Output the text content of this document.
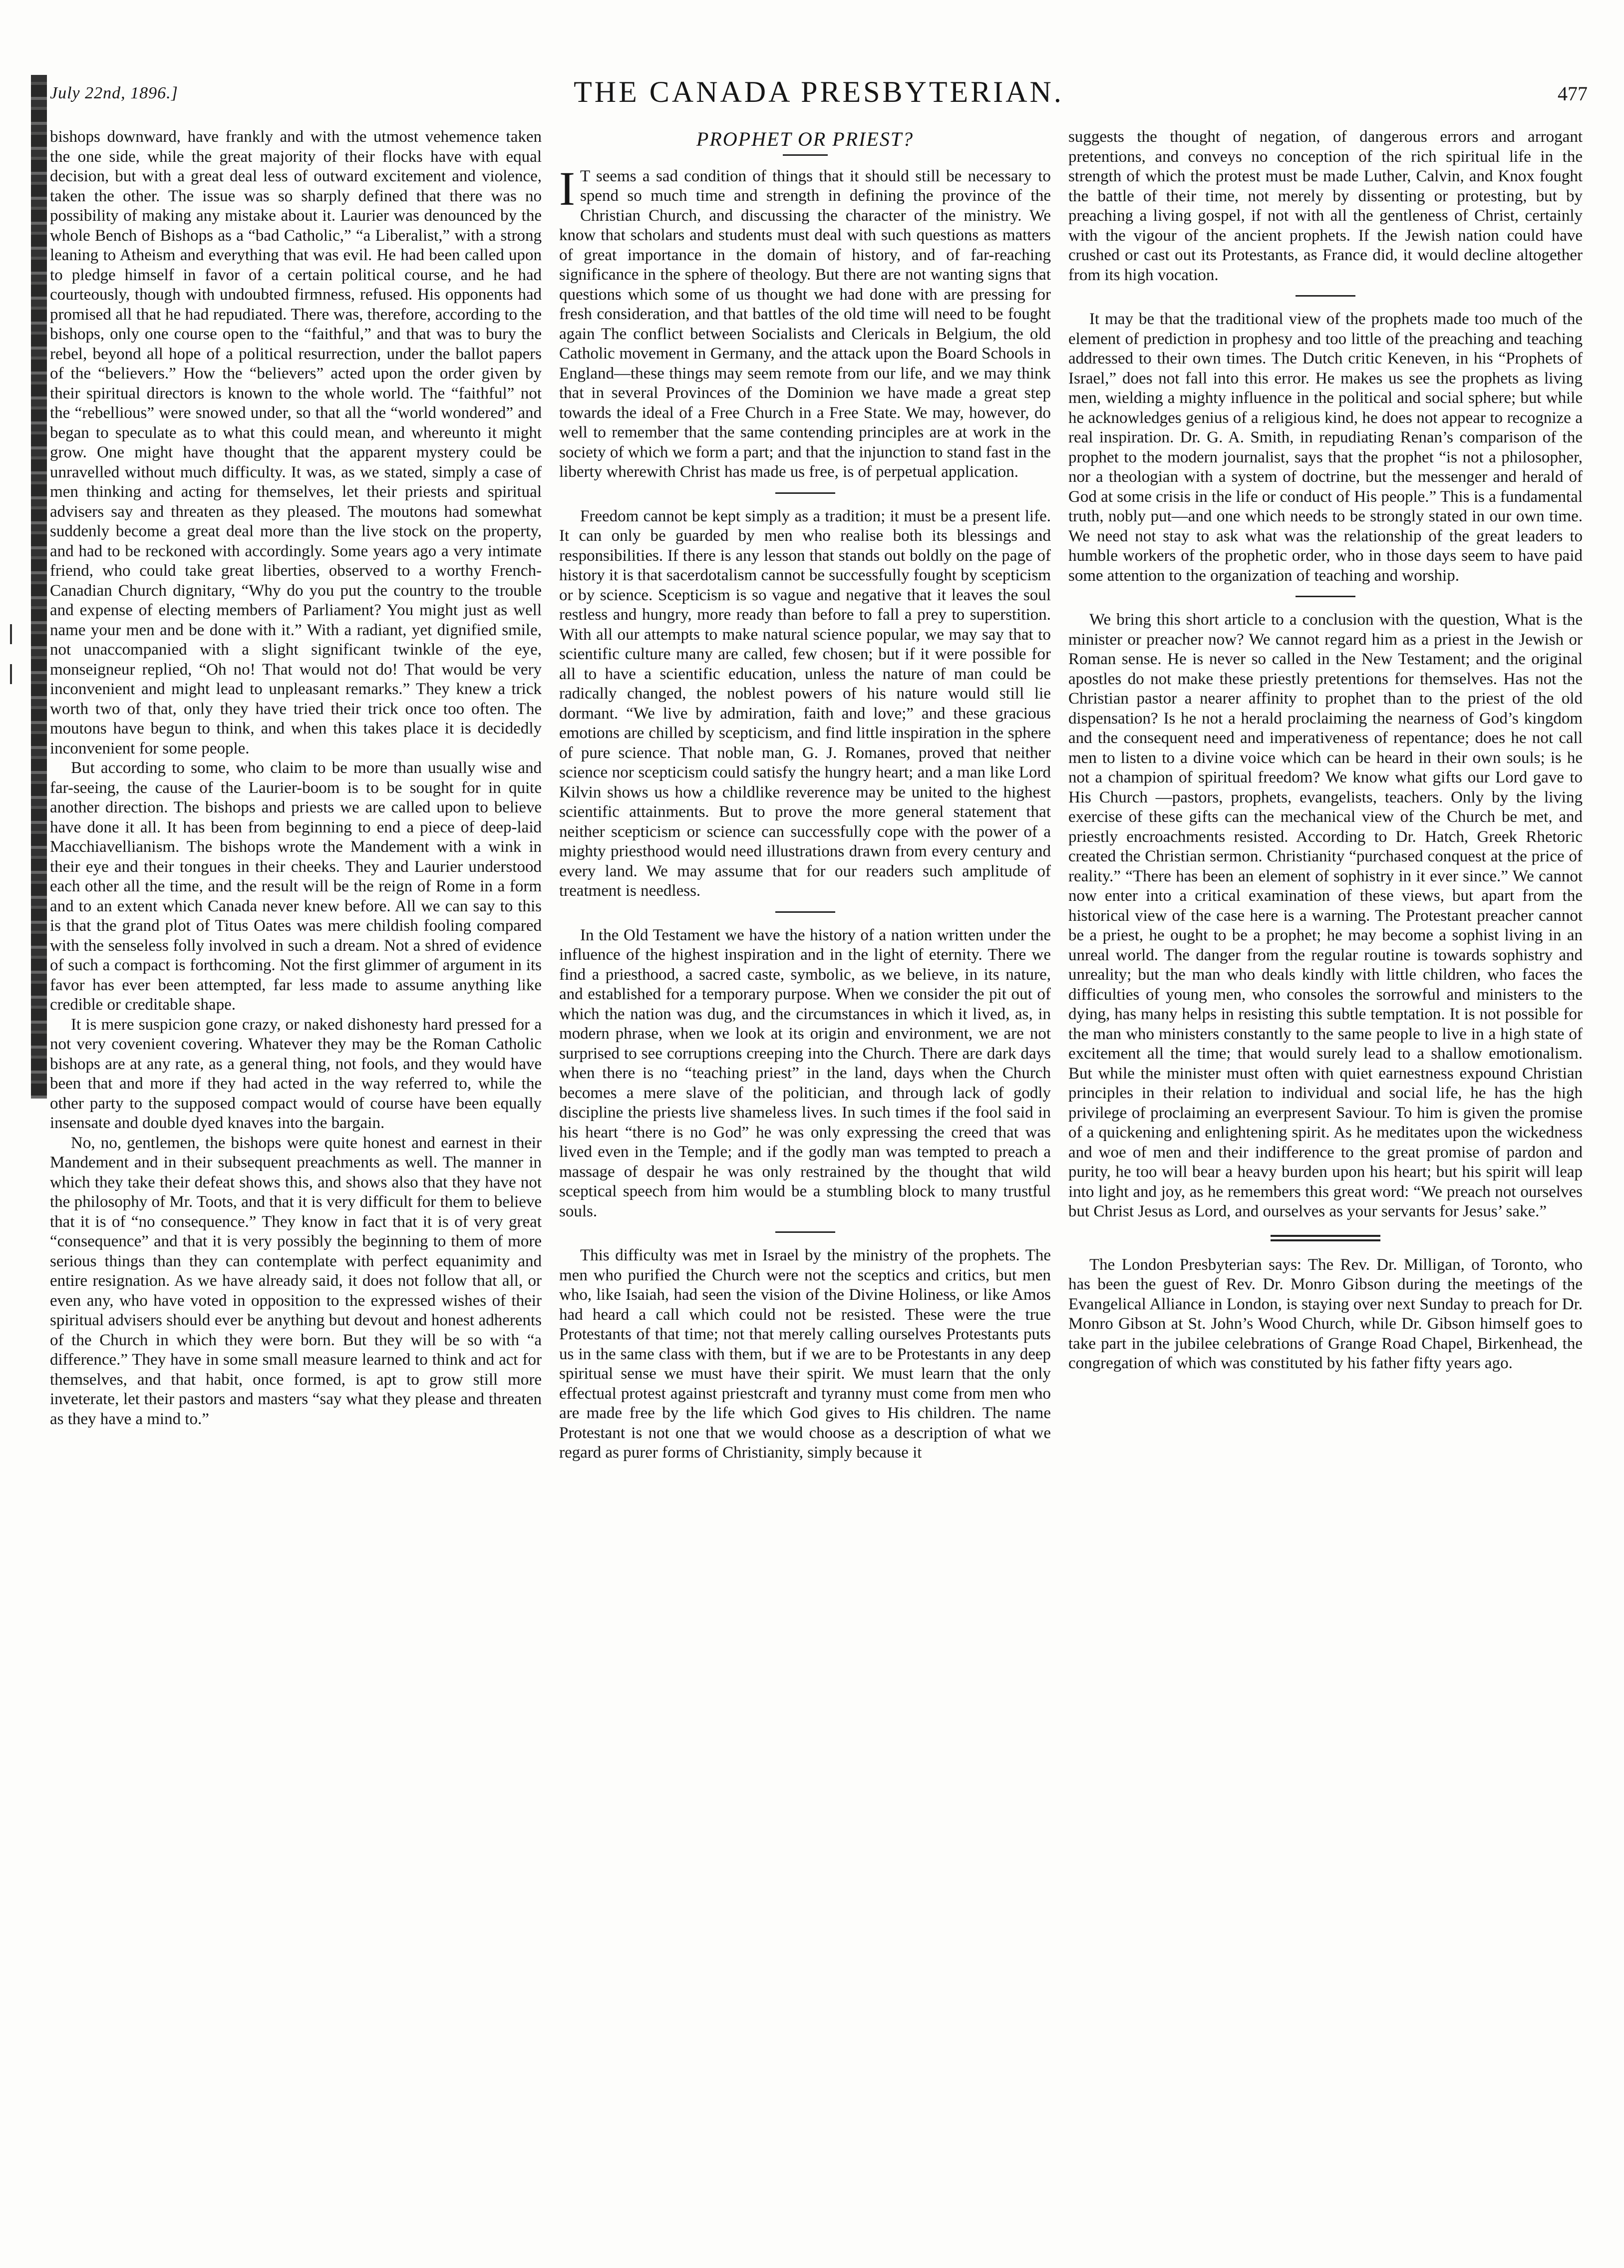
July 22nd, 1896.]	THE CANADA PRESBYTERIAN.	477

bishops downward, have frankly and with the utmost vehemence taken the one side, while the great majority of their flocks have with equal decision, but with a great deal less of outward excitement and violence, taken the other. The issue was so sharply defined that there was no possibility of making any mistake about it. Laurier was denounced by the whole Bench of Bishops as a “bad Catholic,” “a Liberalist,” with a strong leaning to Atheism and everything that was evil. He had been called upon to pledge himself in favor of a certain political course, and he had courteously, though with undoubted firmness, refused. His opponents had promised all that he had repudiated. There was, therefore, according to the bishops, only one course open to the “faithful,” and that was to bury the rebel, beyond all hope of a political resurrection, under the ballot papers of the “believers.” How the “believers” acted upon the order given by their spiritual directors is known to the whole world. The “faithful” not the “rebellious” were snowed under, so that all the “world wondered” and began to speculate as to what this could mean, and whereunto it might grow. One might have thought that the apparent mystery could be unravelled without much difficulty. It was, as we stated, simply a case of men thinking and acting for themselves, let their priests and spiritual advisers say and threaten as they pleased. The moutons had somewhat suddenly become a great deal more than the live stock on the property, and had to be reckoned with accordingly. Some years ago a very intimate friend, who could take great liberties, observed to a worthy French-Canadian Church dignitary, “Why do you put the country to the trouble and expense of electing members of Parliament? You might just as well name your men and be done with it.” With a radiant, yet dignified smile, not unaccompanied with a slight significant twinkle of the eye, monseigneur replied, “Oh no! That would not do! That would be very inconvenient and might lead to unpleasant remarks.” They knew a trick worth two of that, only they have tried their trick once too often. The moutons have begun to think, and when this takes place it is decidedly inconvenient for some people.

But according to some, who claim to be more than usually wise and far-seeing, the cause of the Laurier-boom is to be sought for in quite another direction. The bishops and priests we are called upon to believe have done it all. It has been from beginning to end a piece of deep-laid Macchiavellianism. The bishops wrote the Mandement with a wink in their eye and their tongues in their cheeks. They and Laurier understood each other all the time, and the result will be the reign of Rome in a form and to an extent which Canada never knew before. All we can say to this is that the grand plot of Titus Oates was mere childish fooling compared with the senseless folly involved in such a dream. Not a shred of evidence of such a compact is forthcoming. Not the first glimmer of argument in its favor has ever been attempted, far less made to assume anything like credible or creditable shape.

It is mere suspicion gone crazy, or naked dishonesty hard pressed for a not very covenient covering. Whatever they may be the Roman Catholic bishops are at any rate, as a general thing, not fools, and they would have been that and more if they had acted in the way referred to, while the other party to the supposed compact would of course have been equally insensate and double dyed knaves into the bargain.

No, no, gentlemen, the bishops were quite honest and earnest in their Mandement and in their subsequent preachments as well. The manner in which they take their defeat shows this, and shows also that they have not the philosophy of Mr. Toots, and that it is very difficult for them to believe that it is of “no consequence.” They know in fact that it is of very great “consequence” and that it is very possibly the beginning to them of more serious things than they can contemplate with perfect equanimity and entire resignation. As we have already said, it does not follow that all, or even any, who have voted in opposition to the expressed wishes of their spiritual advisers should ever be anything but devout and honest adherents of the Church in which they were born. But they will be so with “a difference.” They have in some small measure learned to think and act for themselves, and that habit, once formed, is apt to grow still more inveterate, let their pastors and masters “say what they please and threaten as they have a mind to.”

PROPHET OR PRIEST?

I T seems a sad condition of things that it should still be necessary to spend so much time and strength in defining the province of the Christian Church, and discussing the character of the ministry. We know that scholars and students must deal with such questions as matters of great importance in the domain of history, and of far-reaching significance in the sphere of theology. But there are not wanting signs that questions which some of us thought we had done with are pressing for fresh consideration, and that battles of the old time will need to be fought again The conflict between Socialists and Clericals in Belgium, the old Catholic movement in Germany, and the attack upon the Board Schools in England—these things may seem remote from our life, and we may think that in several Provinces of the Dominion we have made a great step towards the ideal of a Free Church in a Free State. We may, however, do well to remember that the same contending principles are at work in the society of which we form a part; and that the injunction to stand fast in the liberty wherewith Christ has made us free, is of perpetual application.

Freedom cannot be kept simply as a tradition; it must be a present life. It can only be guarded by men who realise both its blessings and responsibilities. If there is any lesson that stands out boldly on the page of history it is that sacerdotalism cannot be successfully fought by scepticism or by science. Scepticism is so vague and negative that it leaves the soul restless and hungry, more ready than before to fall a prey to superstition. With all our attempts to make natural science popular, we may say that to scientific culture many are called, few chosen; but if it were possible for all to have a scientific education, unless the nature of man could be radically changed, the noblest powers of his nature would still lie dormant. “We live by admiration, faith and love;” and these gracious emotions are chilled by scepticism, and find little inspiration in the sphere of pure science. That noble man, G. J. Romanes, proved that neither science nor scepticism could satisfy the hungry heart; and a man like Lord Kilvin shows us how a childlike reverence may be united to the highest scientific attainments. But to prove the more general statement that neither scepticism or science can successfully cope with the power of a mighty priesthood would need illustrations drawn from every century and every land. We may assume that for our readers such amplitude of treatment is needless.

In the Old Testament we have the history of a nation written under the influence of the highest inspiration and in the light of eternity. There we find a priesthood, a sacred caste, symbolic, as we believe, in its nature, and established for a temporary purpose. When we consider the pit out of which the nation was dug, and the circumstances in which it lived, as, in modern phrase, when we look at its origin and environment, we are not surprised to see corruptions creeping into the Church. There are dark days when there is no “teaching priest” in the land, days when the Church becomes a mere slave of the politician, and through lack of godly discipline the priests live shameless lives. In such times if the fool said in his heart “there is no God” he was only expressing the creed that was lived even in the Temple; and if the godly man was tempted to preach a massage of despair he was only restrained by the thought that wild sceptical speech from him would be a stumbling block to many trustful souls.

This difficulty was met in Israel by the ministry of the prophets. The men who purified the Church were not the sceptics and critics, but men who, like Isaiah, had seen the vision of the Divine Holiness, or like Amos had heard a call which could not be resisted. These were the true Protestants of that time; not that merely calling ourselves Protestants puts us in the same class with them, but if we are to be Protestants in any deep spiritual sense we must have their spirit. We must learn that the only effectual protest against priestcraft and tyranny must come from men who are made free by the life which God gives to His children. The name Protestant is not one that we would choose as a description of what we regard as purer forms of Christianity, simply because it

suggests the thought of negation, of dangerous errors and arrogant pretentions, and conveys no conception of the rich spiritual life in the strength of which the protest must be made Luther, Calvin, and Knox fought the battle of their time, not merely by dissenting or protesting, but by preaching a living gospel, if not with all the gentleness of Christ, certainly with the vigour of the ancient prophets. If the Jewish nation could have crushed or cast out its Protestants, as France did, it would decline altogether from its high vocation.

It may be that the traditional view of the prophets made too much of the element of prediction in prophesy and too little of the preaching and teaching addressed to their own times. The Dutch critic Keneven, in his “Prophets of Israel,” does not fall into this error. He makes us see the prophets as living men, wielding a mighty influence in the political and social sphere; but while he acknowledges genius of a religious kind, he does not appear to recognize a real inspiration. Dr. G. A. Smith, in repudiating Renan’s comparison of the prophet to the modern journalist, says that the prophet “is not a philosopher, nor a theologian with a system of doctrine, but the messenger and herald of God at some crisis in the life or conduct of His people.” This is a fundamental truth, nobly put—and one which needs to be strongly stated in our own time. We need not stay to ask what was the relationship of the great leaders to humble workers of the prophetic order, who in those days seem to have paid some attention to the organization of teaching and worship.

We bring this short article to a conclusion with the question, What is the minister or preacher now? We cannot regard him as a priest in the Jewish or Roman sense. He is never so called in the New Testament; and the original apostles do not make these priestly pretentions for themselves. Has not the Christian pastor a nearer affinity to prophet than to the priest of the old dispensation? Is he not a herald proclaiming the nearness of God’s kingdom and the consequent need and imperativeness of repentance; does he not call men to listen to a divine voice which can be heard in their own souls; is he not a champion of spiritual freedom? We know what gifts our Lord gave to His Church —pastors, prophets, evangelists, teachers. Only by the living exercise of these gifts can the mechanical view of the Church be met, and priestly encroachments resisted. According to Dr. Hatch, Greek Rhetoric created the Christian sermon. Christianity “purchased conquest at the price of reality.” “There has been an element of sophistry in it ever since.” We cannot now enter into a critical examination of these views, but apart from the historical view of the case here is a warning. The Protestant preacher cannot be a priest, he ought to be a prophet; he may become a sophist living in an unreal world. The danger from the regular routine is towards sophistry and unreality; but the man who deals kindly with little children, who faces the difficulties of young men, who consoles the sorrowful and ministers to the dying, has many helps in resisting this subtle temptation. It is not possible for the man who ministers constantly to the same people to live in a high state of excitement all the time; that would surely lead to a shallow emotionalism. But while the minister must often with quiet earnestness expound Christian principles in their relation to individual and social life, he has the high privilege of proclaiming an everpresent Saviour. To him is given the promise of a quickening and enlightening spirit. As he meditates upon the wickedness and woe of men and their indifference to the great promise of pardon and purity, he too will bear a heavy burden upon his heart; but his spirit will leap into light and joy, as he remembers this great word: “We preach not ourselves but Christ Jesus as Lord, and ourselves as your servants for Jesus’ sake.”

The London Presbyterian says: The Rev. Dr. Milligan, of Toronto, who has been the guest of Rev. Dr. Monro Gibson during the meetings of the Evangelical Alliance in London, is staying over next Sunday to preach for Dr. Monro Gibson at St. John’s Wood Church, while Dr. Gibson himself goes to take part in the jubilee celebrations of Grange Road Chapel, Birkenhead, the congregation of which was constituted by his father fifty years ago.
